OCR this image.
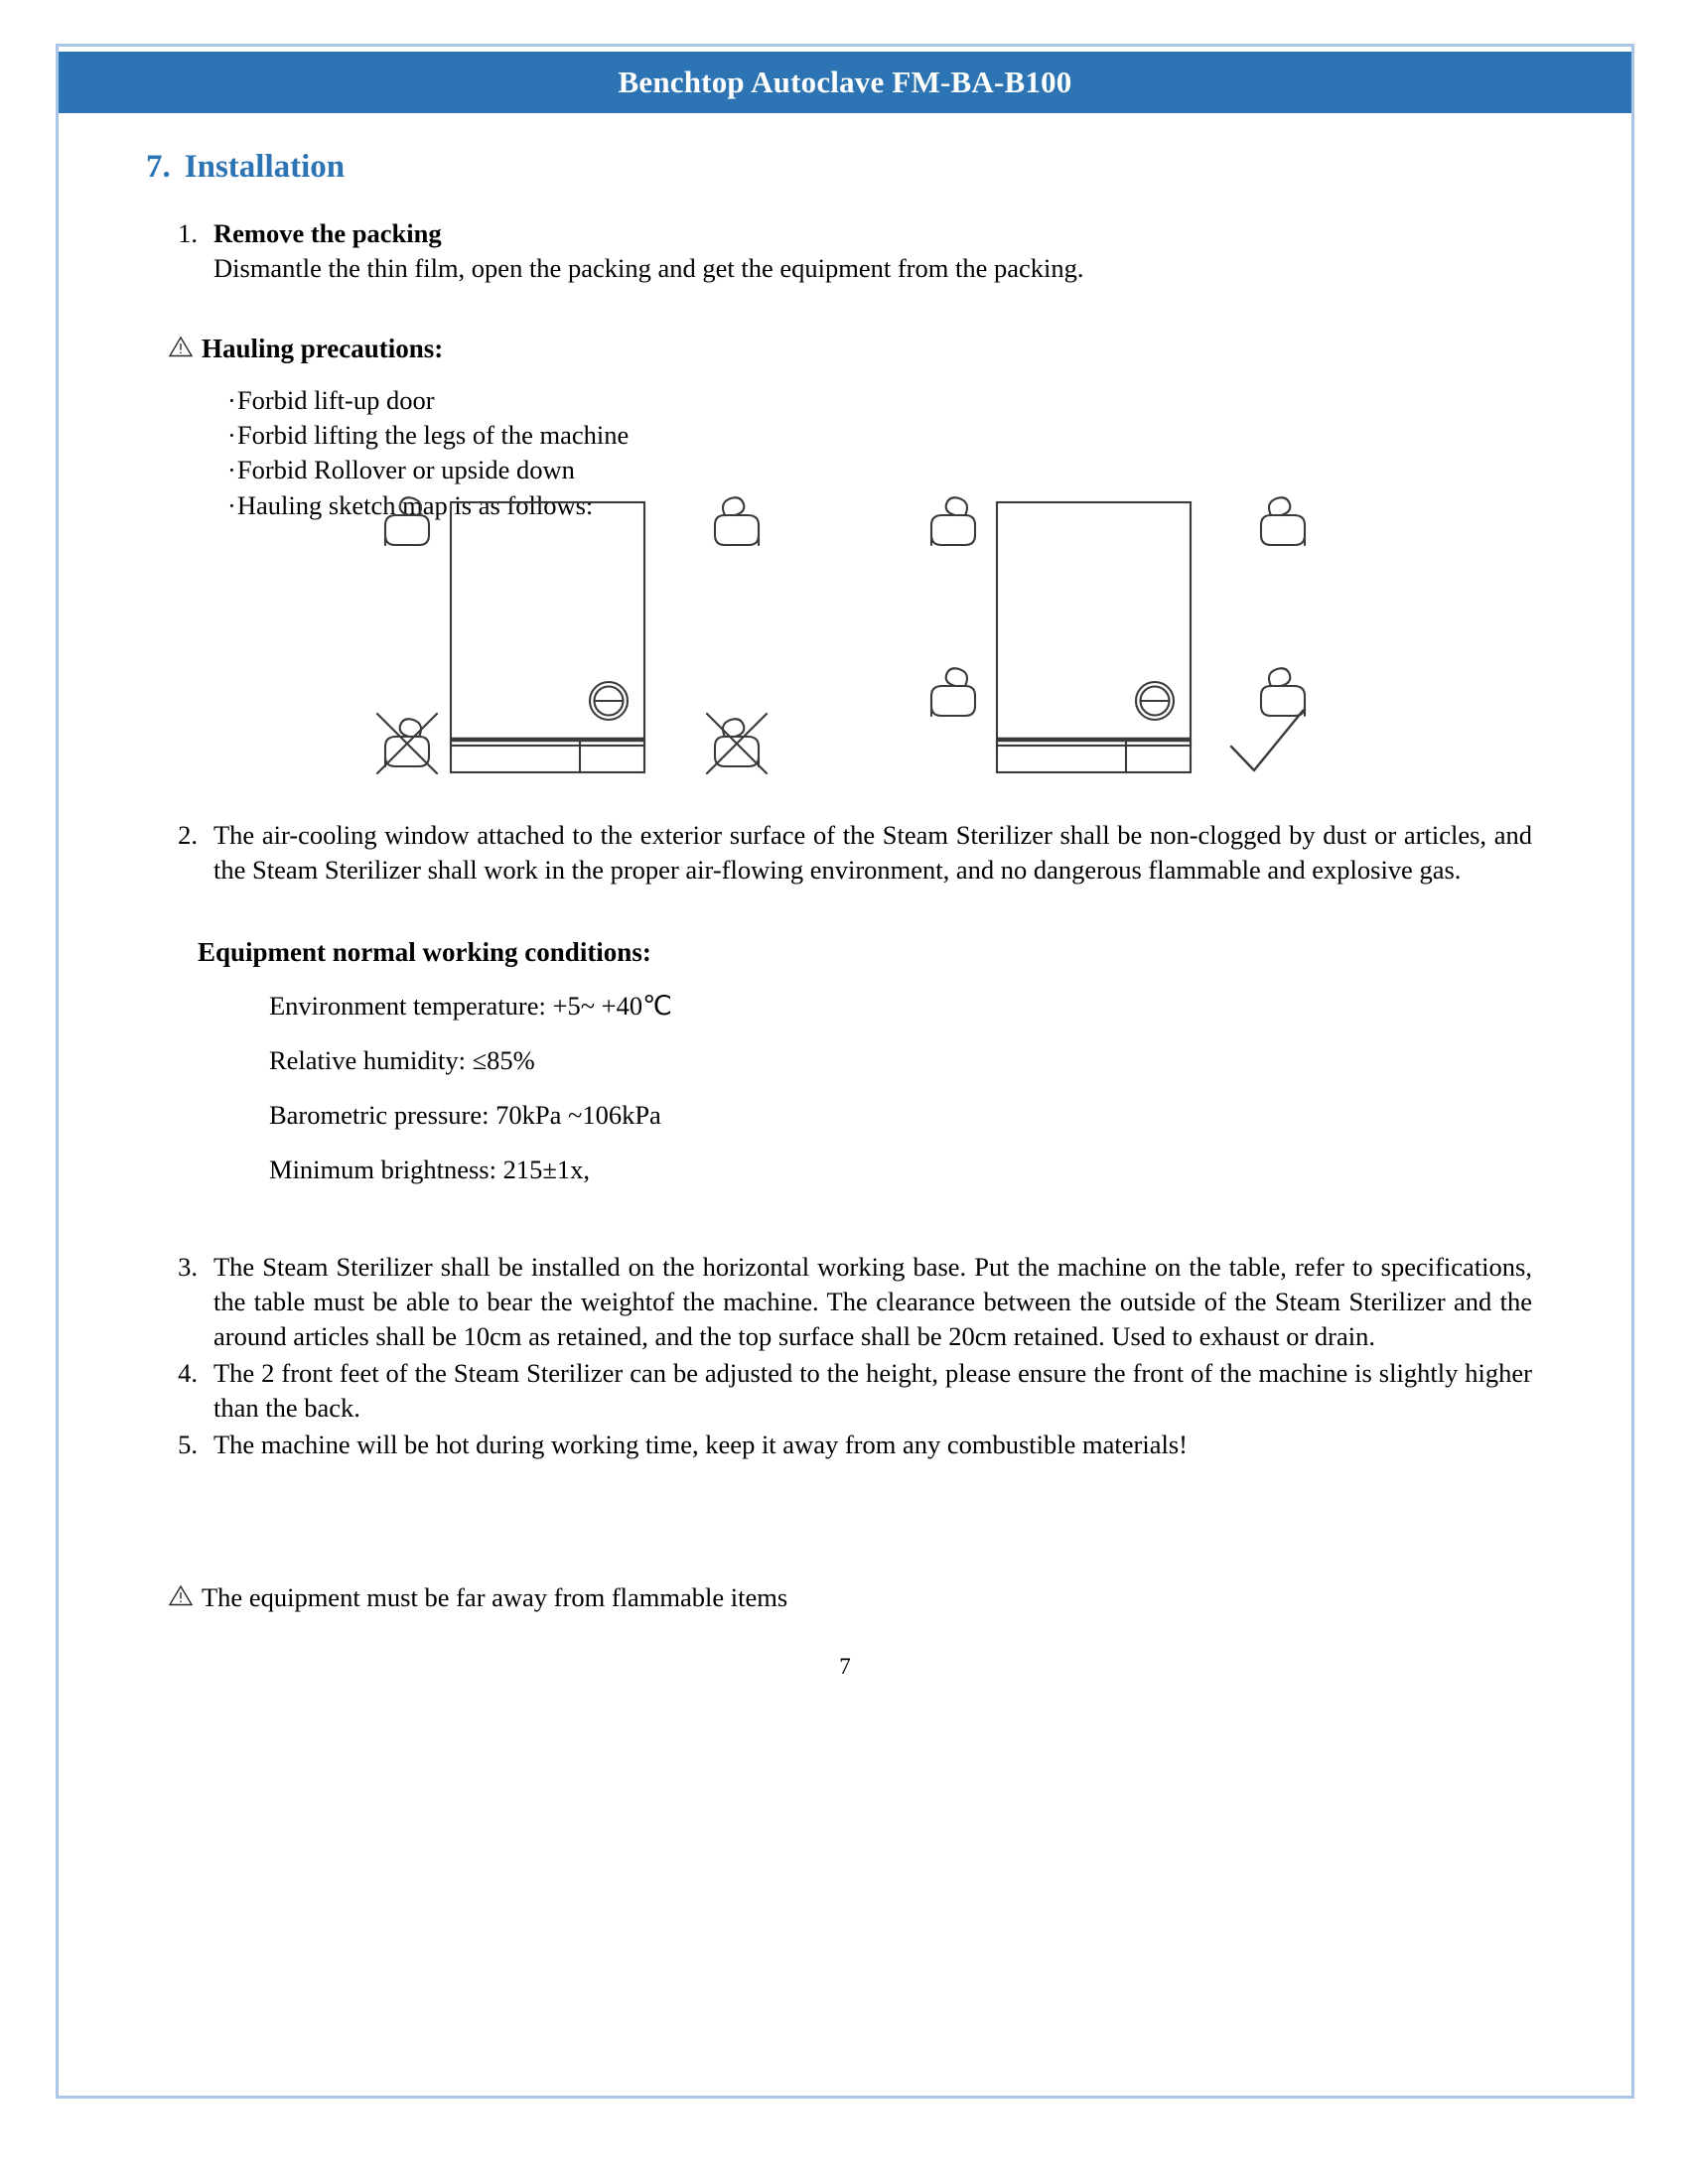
Benchtop Autoclave FM-BA-B100
7. Installation
1. Remove the packing
Dismantle the thin film, open the packing and get the equipment from the packing.
Hauling precautions:
· Forbid lift-up door
· Forbid lifting the legs of the machine
· Forbid Rollover or upside down
· Hauling sketch map is as follows:
2. The air-cooling window attached to the exterior surface of the Steam Sterilizer shall be non-clogged by dust or articles, and the Steam Sterilizer shall work in the proper air-flowing environment, and no dangerous flammable and explosive gas.
Equipment normal working conditions:
Environment temperature: +5~ +40℃
Relative humidity: ≤85%
Barometric pressure: 70kPa ~106kPa
Minimum brightness: 215±1x,
3. The Steam Sterilizer shall be installed on the horizontal working base. Put the machine on the table, refer to specifications, the table must be able to bear the weightof the machine. The clearance between the outside of the Steam Sterilizer and the around articles shall be 10cm as retained, and the top surface shall be 20cm retained. Used to exhaust or drain.
4. The 2 front feet of the Steam Sterilizer can be adjusted to the height, please ensure the front of the machine is slightly higher than the back.
5. The machine will be hot during working time, keep it away from any combustible materials!
The equipment must be far away from flammable items
7
